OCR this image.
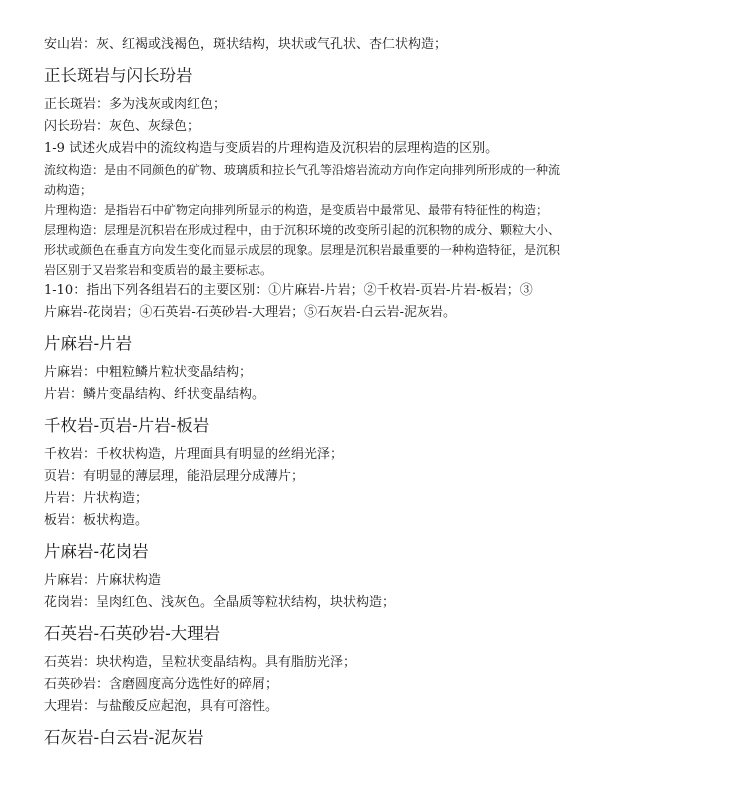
安山岩：灰、红褐或浅褐色，斑状结构，块状或气孔状、杏仁状构造；
正长斑岩与闪长玢岩
正长斑岩：多为浅灰或肉红色；
闪长玢岩：灰色、灰绿色；
1-9 试述火成岩中的流纹构造与变质岩的片理构造及沉积岩的层理构造的区别。
流纹构造：是由不同颜色的矿物、玻璃质和拉长气孔等沿熔岩流动方向作定向排列所形成的一种流
动构造；
片理构造：是指岩石中矿物定向排列所显示的构造，是变质岩中最常见、最带有特征性的构造；
层理构造：层理是沉积岩在形成过程中，由于沉积环境的改变所引起的沉积物的成分、颗粒大小、
形状或颜色在垂直方向发生变化而显示成层的现象。层理是沉积岩最重要的一种构造特征，是沉积
岩区别于又岩浆岩和变质岩的最主要标志。
1-10：指出下列各组岩石的主要区别：①片麻岩-片岩；②千枚岩-页岩-片岩-板岩；③
片麻岩-花岗岩；④石英岩-石英砂岩-大理岩；⑤石灰岩-白云岩-泥灰岩。
片麻岩-片岩
片麻岩：中粗粒鳞片粒状变晶结构；
片岩：鳞片变晶结构、纤状变晶结构。
千枚岩-页岩-片岩-板岩
千枚岩：千枚状构造，片理面具有明显的丝绢光泽；
页岩：有明显的薄层理，能沿层理分成薄片；
片岩：片状构造；
板岩：板状构造。
片麻岩-花岗岩
片麻岩：片麻状构造
花岗岩：呈肉红色、浅灰色。全晶质等粒状结构，块状构造；
石英岩-石英砂岩-大理岩
石英岩：块状构造，呈粒状变晶结构。具有脂肪光泽；
石英砂岩：含磨圆度高分选性好的碎屑；
大理岩：与盐酸反应起泡，具有可溶性。
石灰岩-白云岩-泥灰岩
